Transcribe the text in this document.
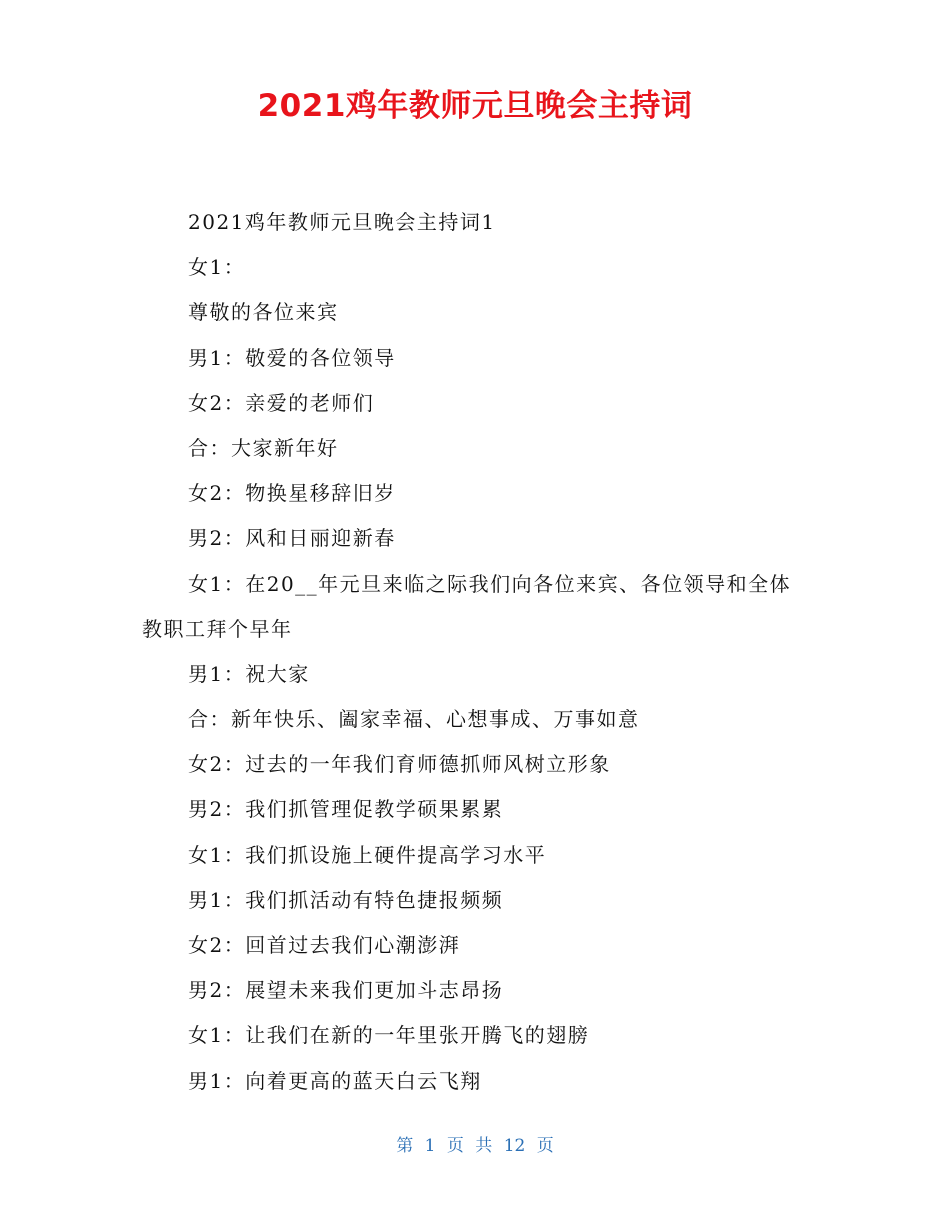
2021鸡年教师元旦晚会主持词
2021鸡年教师元旦晚会主持词1
女1：
尊敬的各位来宾
男1：敬爱的各位领导
女2：亲爱的老师们
合：大家新年好
女2：物换星移辞旧岁
男2：风和日丽迎新春
女1：在20__年元旦来临之际我们向各位来宾、各位领导和全体教职工拜个早年
男1：祝大家
合：新年快乐、阖家幸福、心想事成、万事如意
女2：过去的一年我们育师德抓师风树立形象
男2：我们抓管理促教学硕果累累
女1：我们抓设施上硬件提高学习水平
男1：我们抓活动有特色捷报频频
女2：回首过去我们心潮澎湃
男2：展望未来我们更加斗志昂扬
女1：让我们在新的一年里张开腾飞的翅膀
男1：向着更高的蓝天白云飞翔
第 1 页 共 12 页
